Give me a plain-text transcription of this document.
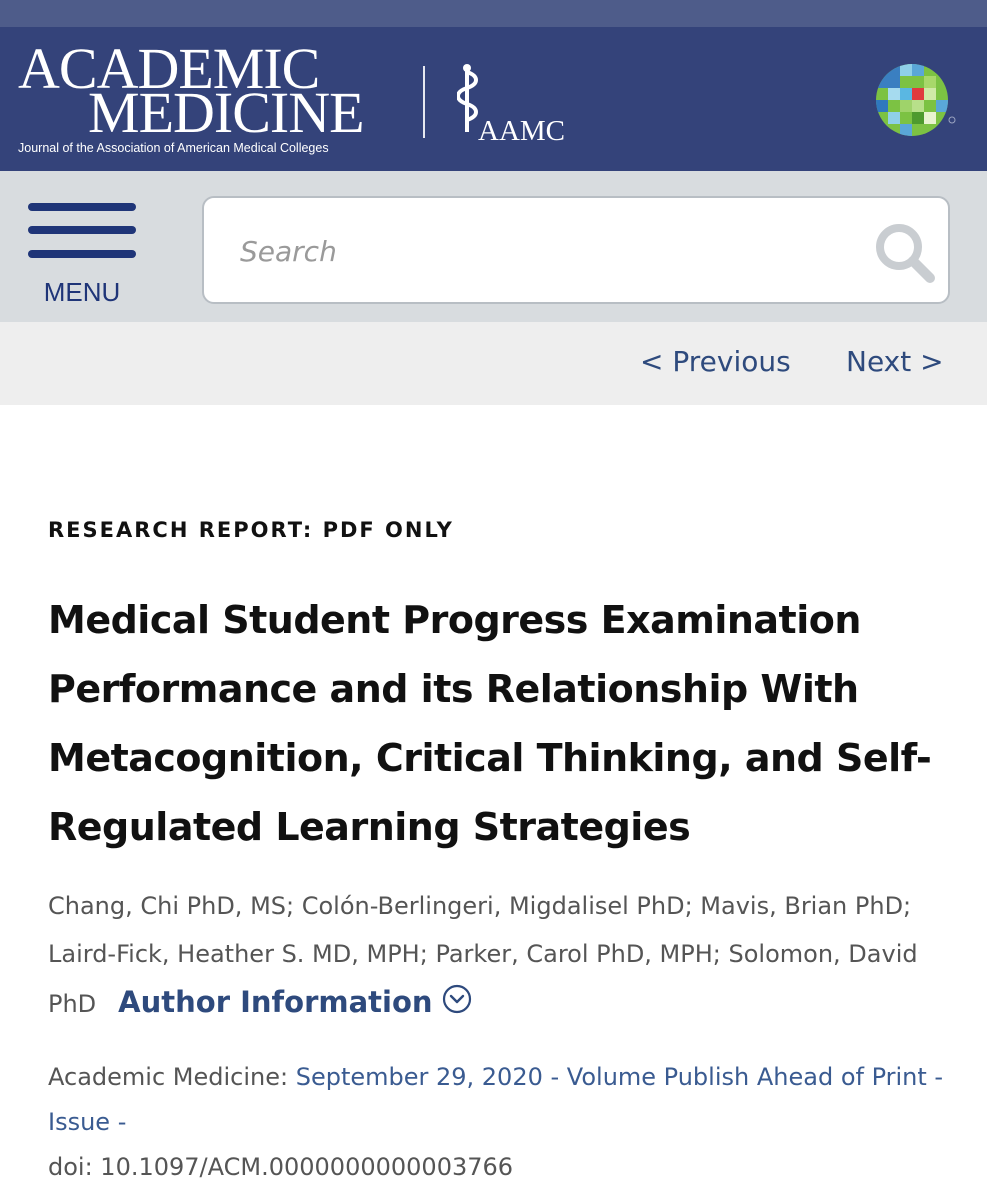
ACADEMIC
MEDICINE
Journal of the Association of American Medical Colleges
AAMC
MENU
Search
< Previous Next >
RESEARCH REPORT: PDF ONLY
Medical Student Progress Examination Performance and its Relationship With Metacognition, Critical Thinking, and Self-Regulated Learning Strategies
Chang, Chi PhD, MS; Colón-Berlingeri, Migdalisel PhD; Mavis, Brian PhD; Laird-Fick, Heather S. MD, MPH; Parker, Carol PhD, MPH; Solomon, David PhD Author Information
Academic Medicine: September 29, 2020 - Volume Publish Ahead of Print - Issue -
doi: 10.1097/ACM.0000000000003766
